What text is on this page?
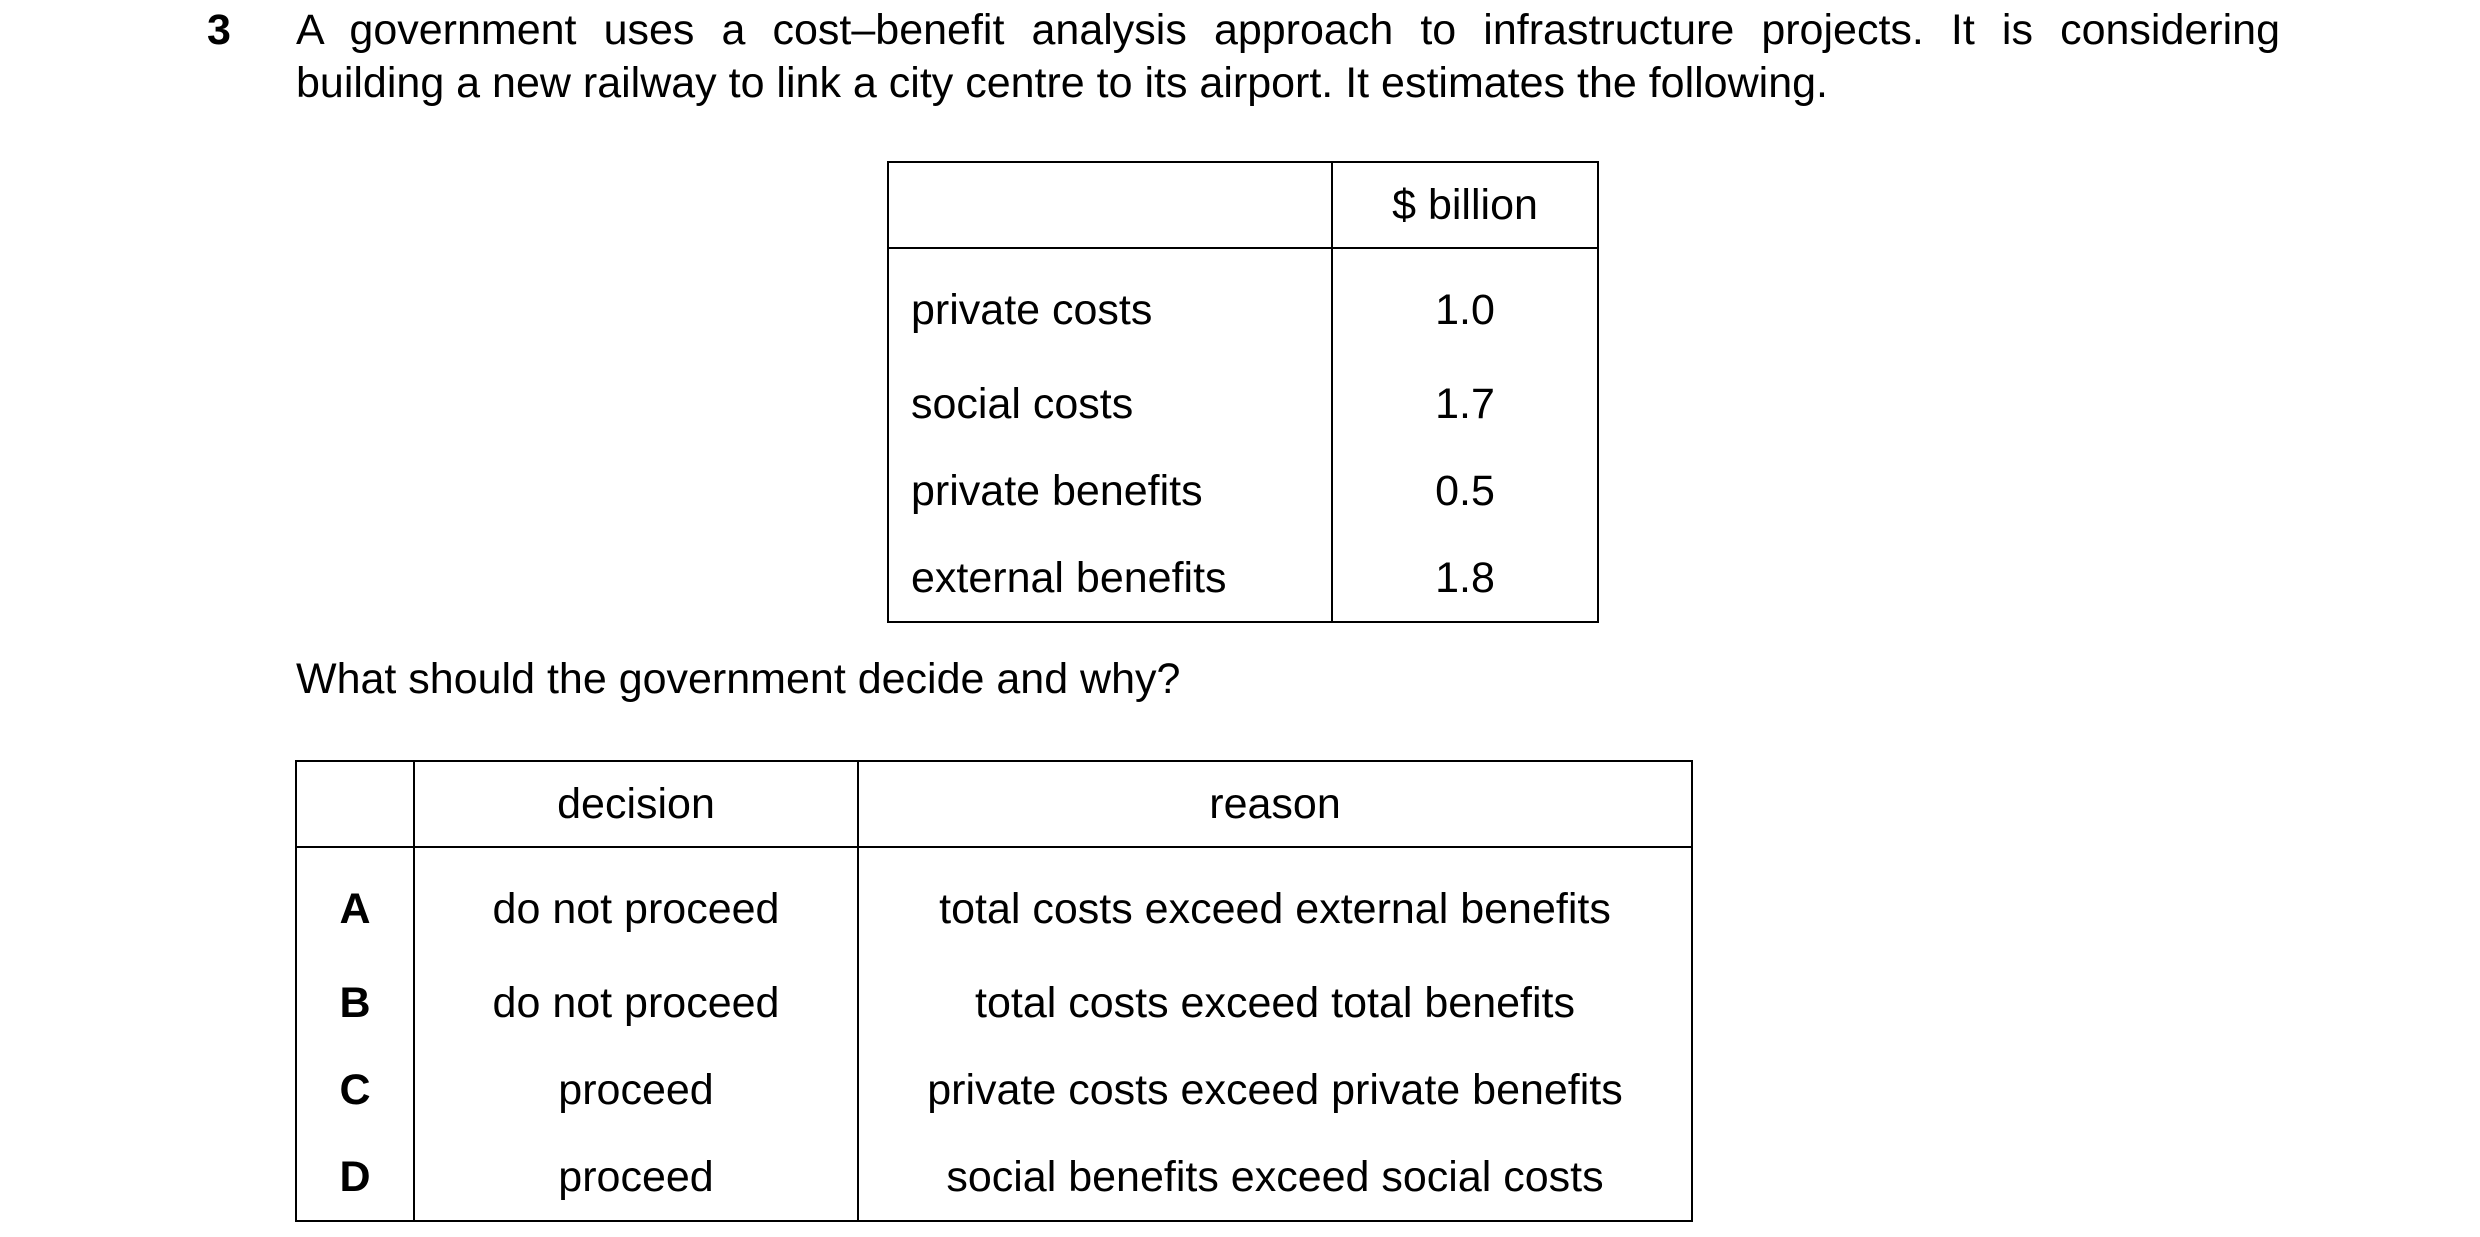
3 A government uses a cost–benefit analysis approach to infrastructure projects. It is considering
building a new railway to link a city centre to its airport. It estimates the following.
	$ billion
private costs	1.0
social costs	1.7
private benefits	0.5
external benefits	1.8
What should the government decide and why?
	decision	reason
A	do not proceed	total costs exceed external benefits
B	do not proceed	total costs exceed total benefits
C	proceed	private costs exceed private benefits
D	proceed	social benefits exceed social costs
